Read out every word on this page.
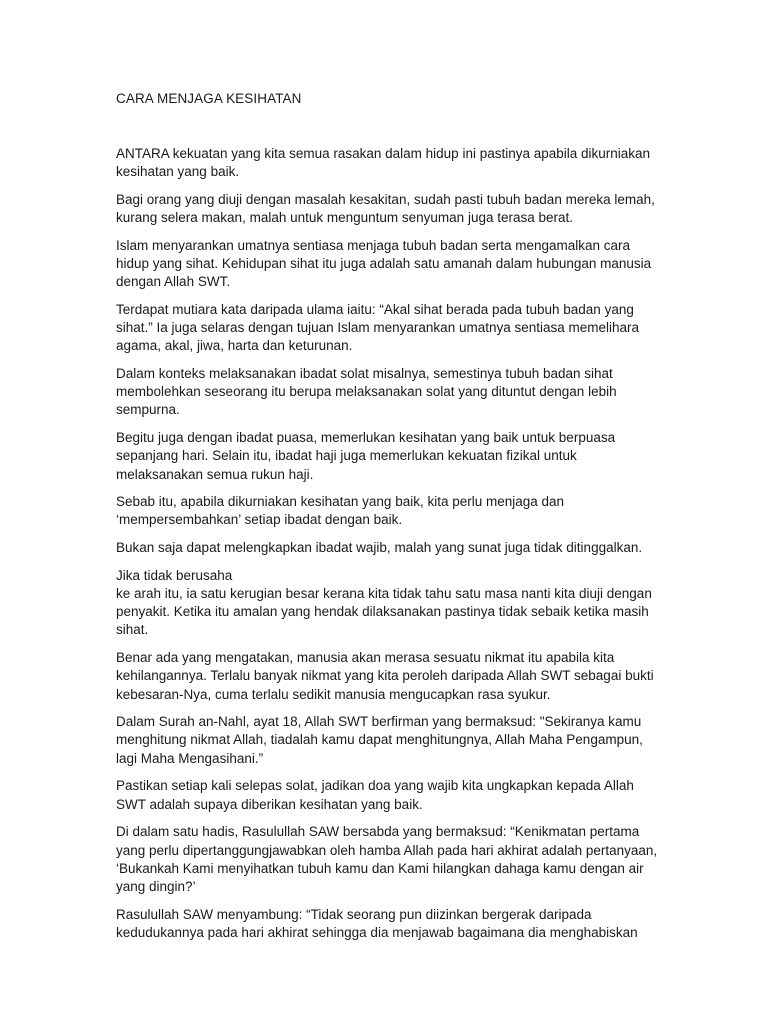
CARA MENJAGA KESIHATAN

ANTARA kekuatan yang kita semua rasakan dalam hidup ini pastinya apabila dikurniakan kesihatan yang baik.

Bagi orang yang diuji dengan masalah kesakitan, sudah pasti tubuh badan mereka lemah, kurang selera makan, malah untuk menguntum senyuman juga terasa berat.

Islam menyarankan umatnya sentiasa menjaga tubuh badan serta mengamalkan cara hidup yang sihat. Kehidupan sihat itu juga adalah satu amanah dalam hubungan manusia dengan Allah SWT.

Terdapat mutiara kata daripada ulama iaitu: “Akal sihat berada pada tubuh badan yang sihat.” Ia juga selaras dengan tujuan Islam menyarankan umatnya sentiasa memelihara agama, akal, jiwa, harta dan keturunan.

Dalam konteks melaksanakan ibadat solat misalnya, semestinya tubuh badan sihat membolehkan seseorang itu berupa melaksanakan solat yang dituntut dengan lebih sempurna.

Begitu juga dengan ibadat puasa, memerlukan kesihatan yang baik untuk berpuasa sepanjang hari. Selain itu, ibadat haji juga memerlukan kekuatan fizikal untuk melaksanakan semua rukun haji.

Sebab itu, apabila dikurniakan kesihatan yang baik, kita perlu menjaga dan ‘mempersembahkan’ setiap ibadat dengan baik.

Bukan saja dapat melengkapkan ibadat wajib, malah yang sunat juga tidak ditinggalkan.

Jika tidak berusaha
ke arah itu, ia satu kerugian besar kerana kita tidak tahu satu masa nanti kita diuji dengan penyakit. Ketika itu amalan yang hendak dilaksanakan pastinya tidak sebaik ketika masih sihat.

Benar ada yang mengatakan, manusia akan merasa sesuatu nikmat itu apabila kita kehilangannya. Terlalu banyak nikmat yang kita peroleh daripada Allah SWT sebagai bukti kebesaran-Nya, cuma terlalu sedikit manusia mengucapkan rasa syukur.

Dalam Surah an-Nahl, ayat 18, Allah SWT berfirman yang bermaksud: "Sekiranya kamu menghitung nikmat Allah, tiadalah kamu dapat menghitungnya, Allah Maha Pengampun, lagi Maha Mengasihani.”

Pastikan setiap kali selepas solat, jadikan doa yang wajib kita ungkapkan kepada Allah SWT adalah supaya diberikan kesihatan yang baik.

Di dalam satu hadis, Rasulullah SAW bersabda yang bermaksud: “Kenikmatan pertama yang perlu dipertanggungjawabkan oleh hamba Allah pada hari akhirat adalah pertanyaan, ‘Bukankah Kami menyihatkan tubuh kamu dan Kami hilangkan dahaga kamu dengan air yang dingin?’

Rasulullah SAW menyambung: “Tidak seorang pun diizinkan bergerak daripada kedudukannya pada hari akhirat sehingga dia menjawab bagaimana dia menghabiskan
